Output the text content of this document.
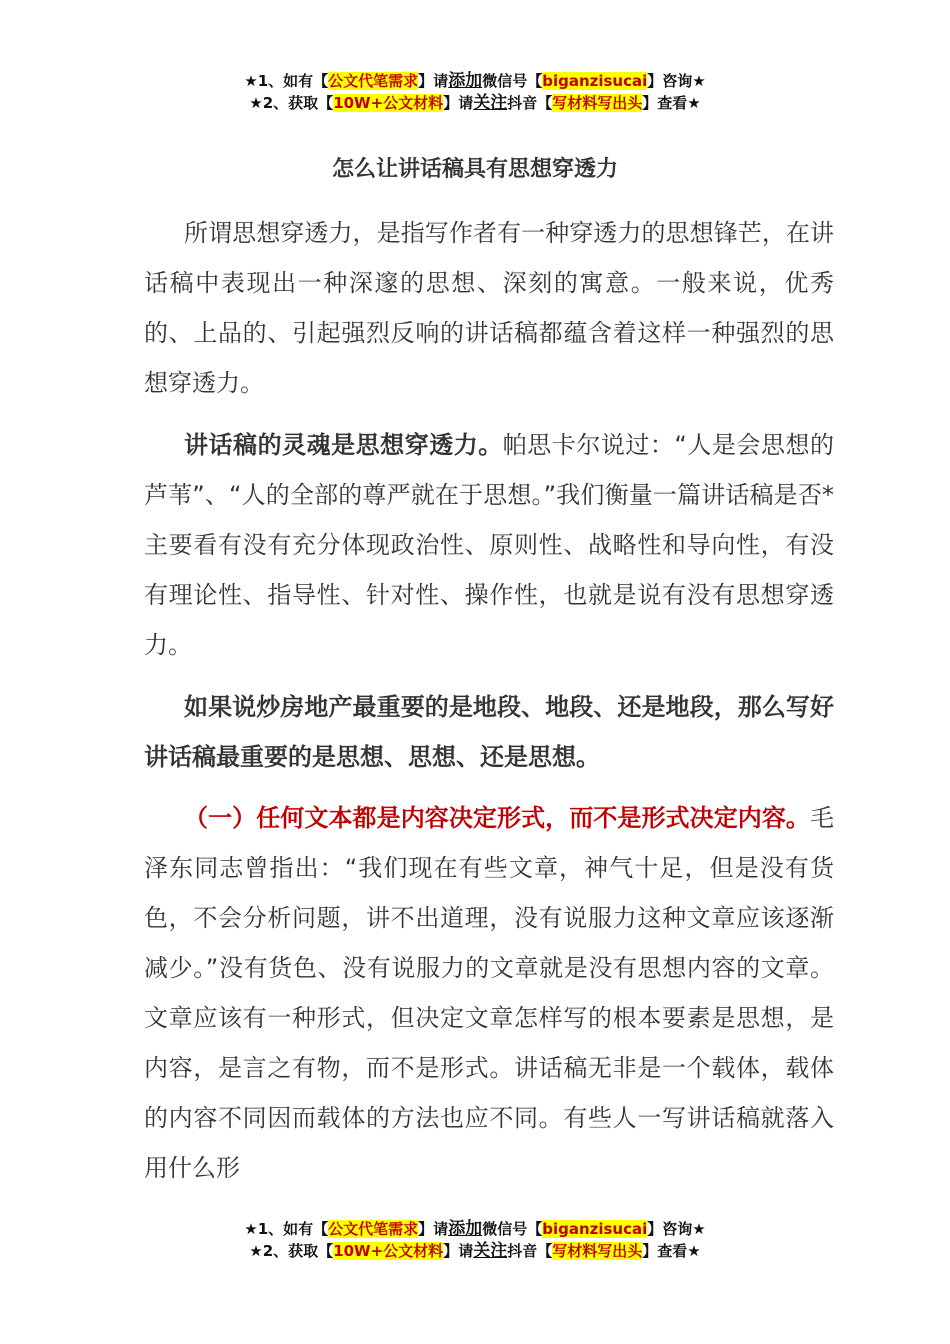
★1、如有【公文代笔需求】请添加微信号【biganzisucai】咨询★
★2、获取【10W+公文材料】请关注抖音【写材料写出头】查看★
怎么让讲话稿具有思想穿透力

所谓思想穿透力，是指写作者有一种穿透力的思想锋芒，在讲话稿中表现出一种深邃的思想、深刻的寓意。一般来说，优秀的、上品的、引起强烈反响的讲话稿都蕴含着这样一种强烈的思想穿透力。

讲话稿的灵魂是思想穿透力。帕思卡尔说过：“人是会思想的芦苇”、“人的全部的尊严就在于思想。”我们衡量一篇讲话稿是否*主要看有没有充分体现政治性、原则性、战略性和导向性，有没有理论性、指导性、针对性、操作性，也就是说有没有思想穿透力。

如果说炒房地产最重要的是地段、地段、还是地段，那么写好讲话稿最重要的是思想、思想、还是思想。

（一）任何文本都是内容决定形式，而不是形式决定内容。毛泽东同志曾指出：“我们现在有些文章，神气十足，但是没有货色，不会分析问题，讲不出道理，没有说服力这种文章应该逐渐减少。”没有货色、没有说服力的文章就是没有思想内容的文章。文章应该有一种形式，但决定文章怎样写的根本要素是思想，是内容，是言之有物，而不是形式。讲话稿无非是一个载体，载体的内容不同因而载体的方法也应不同。有些人一写讲话稿就落入用什么形

★1、如有【公文代笔需求】请添加微信号【biganzisucai】咨询★
★2、获取【10W+公文材料】请关注抖音【写材料写出头】查看★
